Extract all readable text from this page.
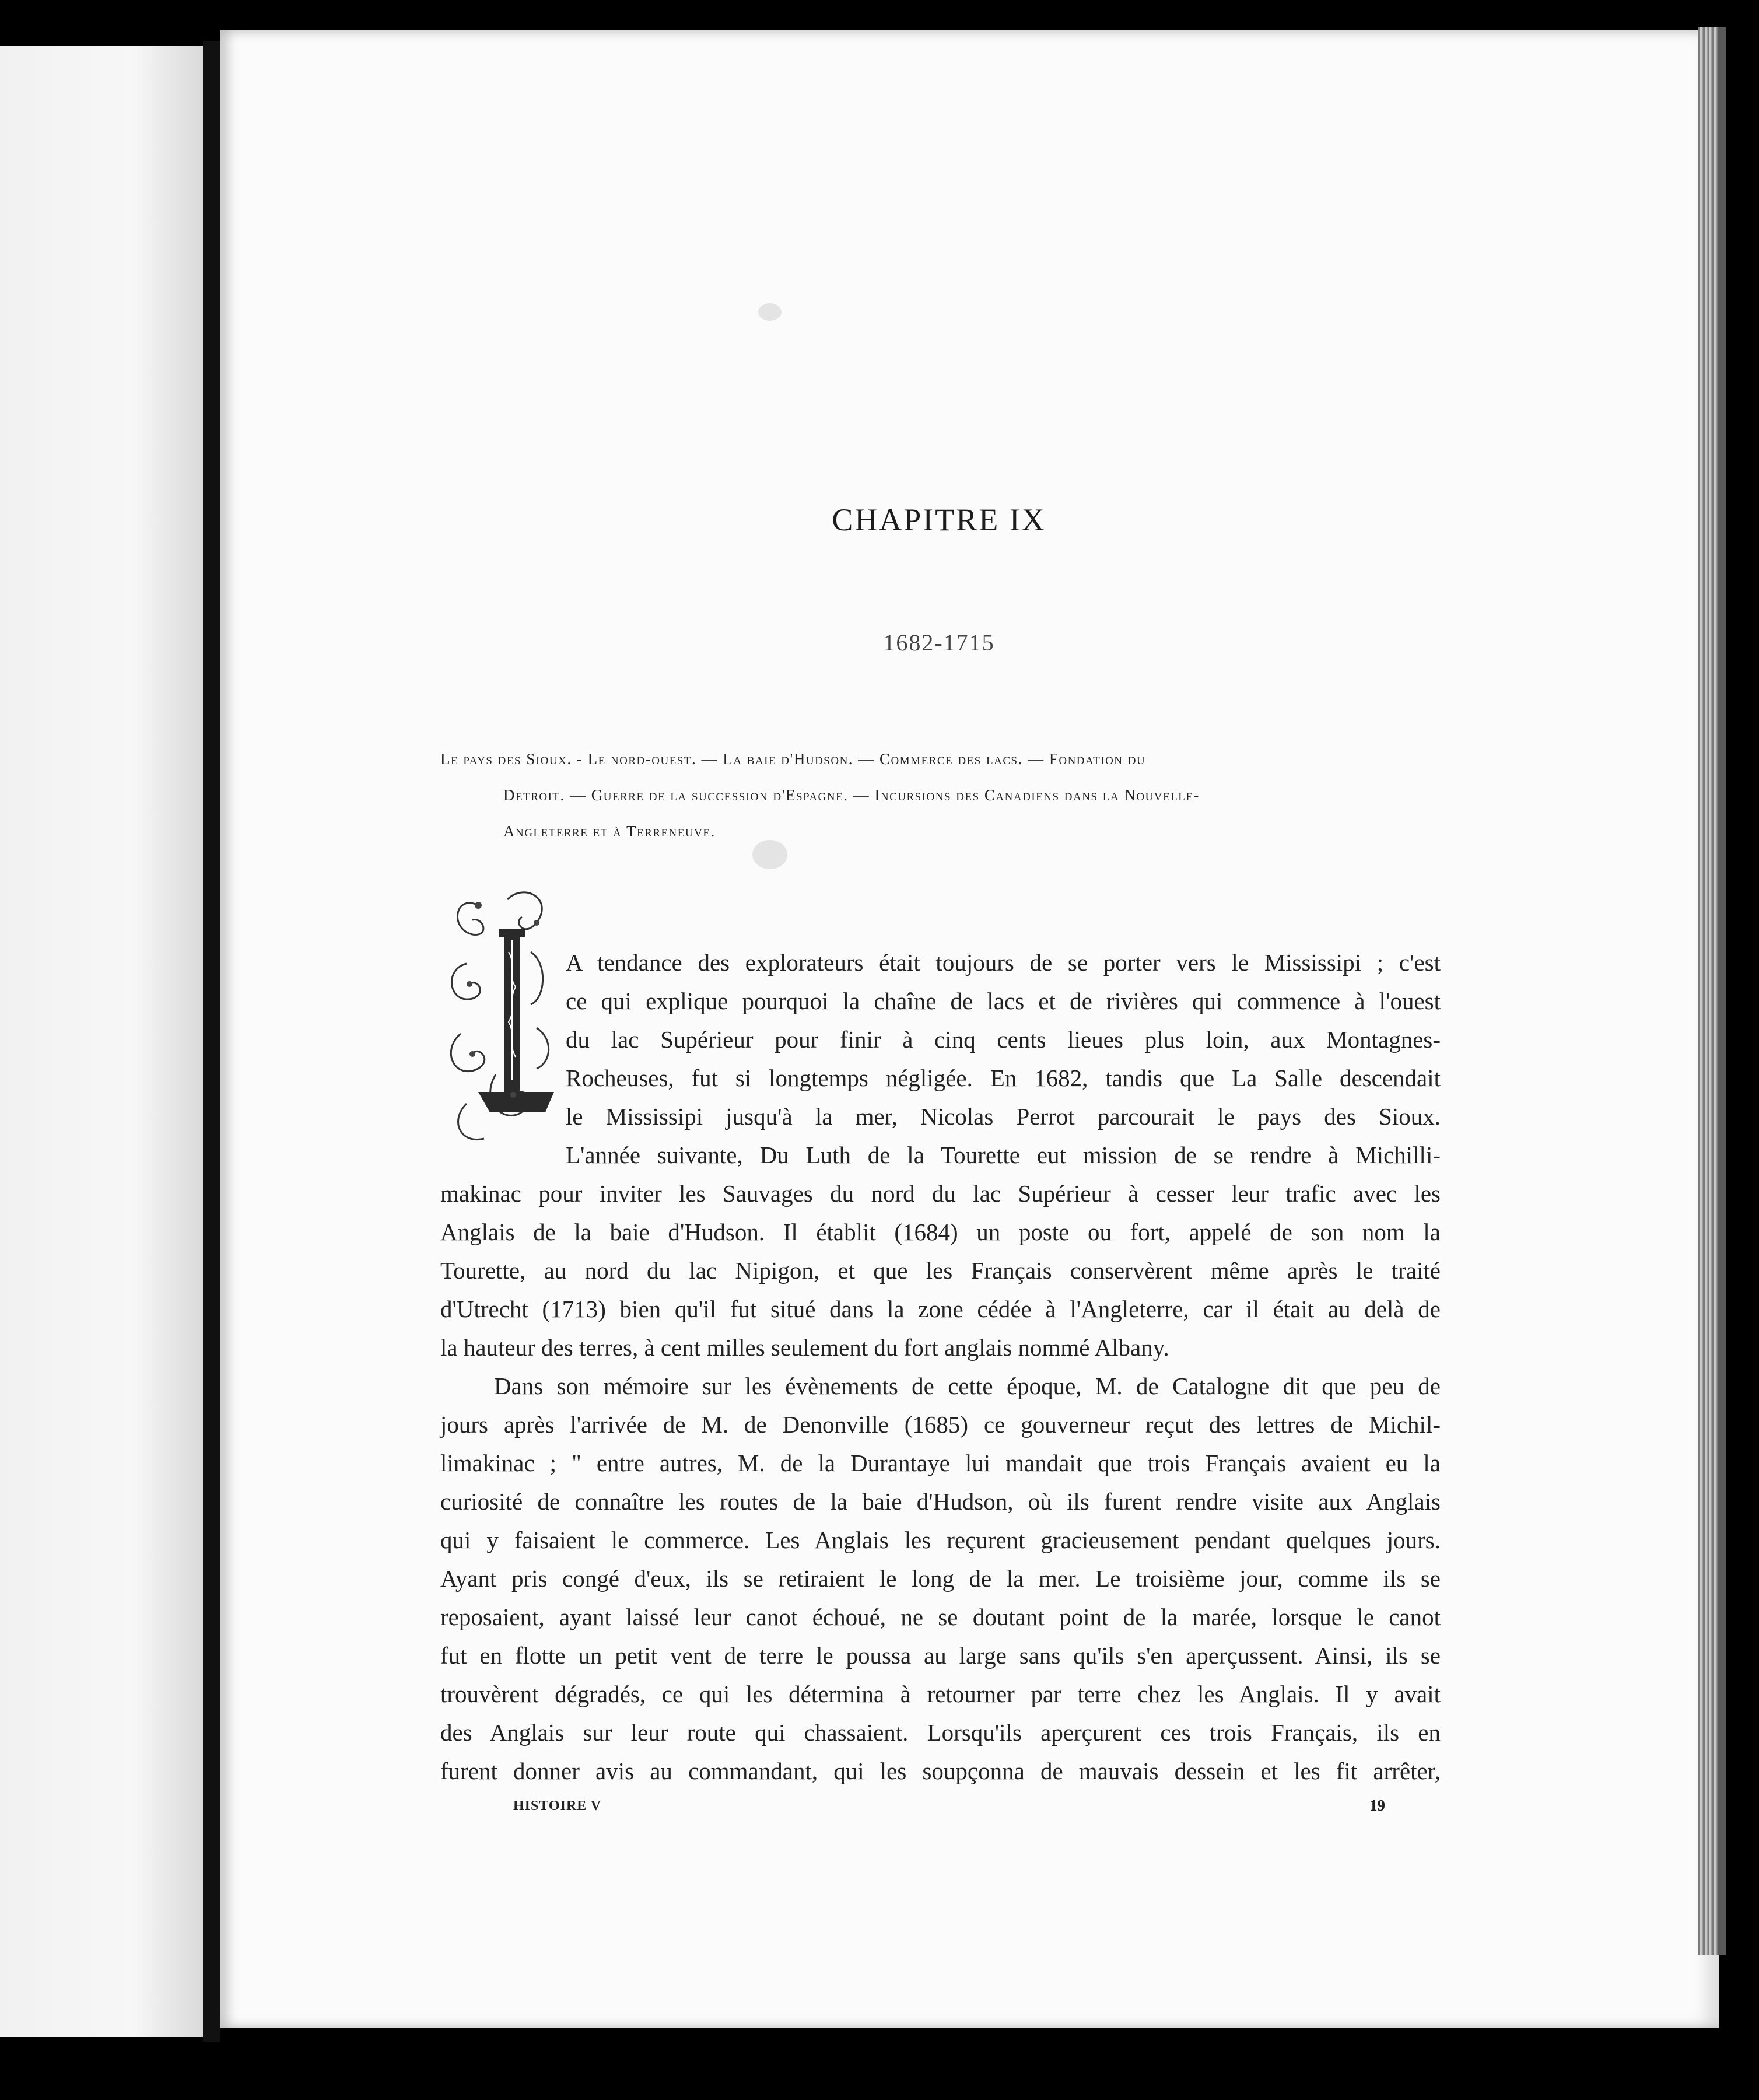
CHAPITRE IX
1682-1715
Le pays des Sioux. - Le nord-ouest. — La baie d'Hudson. — Commerce des lacs. — Fondation du
Detroit. — Guerre de la succession d'Espagne. — Incursions des Canadiens dans la Nouvelle-
Angleterre et à Terreneuve.
A tendance des explorateurs était toujours de se porter vers le Mississipi ; c'est
ce qui explique pourquoi la chaîne de lacs et de rivières qui commence à l'ouest
du lac Supérieur pour finir à cinq cents lieues plus loin, aux Montagnes-
Rocheuses, fut si longtemps négligée. En 1682, tandis que La Salle descendait
le Mississipi jusqu'à la mer, Nicolas Perrot parcourait le pays des Sioux.
L'année suivante, Du Luth de la Tourette eut mission de se rendre à Michilli-
makinac pour inviter les Sauvages du nord du lac Supérieur à cesser leur trafic avec les
Anglais de la baie d'Hudson. Il établit (1684) un poste ou fort, appelé de son nom la
Tourette, au nord du lac Nipigon, et que les Français conservèrent même après le traité
d'Utrecht (1713) bien qu'il fut situé dans la zone cédée à l'Angleterre, car il était au delà de
la hauteur des terres, à cent milles seulement du fort anglais nommé Albany.
Dans son mémoire sur les évènements de cette époque, M. de Catalogne dit que peu de
jours après l'arrivée de M. de Denonville (1685) ce gouverneur reçut des lettres de Michil-
limakinac ; " entre autres, M. de la Durantaye lui mandait que trois Français avaient eu la
curiosité de connaître les routes de la baie d'Hudson, où ils furent rendre visite aux Anglais
qui y faisaient le commerce. Les Anglais les reçurent gracieusement pendant quelques jours.
Ayant pris congé d'eux, ils se retiraient le long de la mer. Le troisième jour, comme ils se
reposaient, ayant laissé leur canot échoué, ne se doutant point de la marée, lorsque le canot
fut en flotte un petit vent de terre le poussa au large sans qu'ils s'en aperçussent. Ainsi, ils se
trouvèrent dégradés, ce qui les détermina à retourner par terre chez les Anglais. Il y avait
des Anglais sur leur route qui chassaient. Lorsqu'ils aperçurent ces trois Français, ils en
furent donner avis au commandant, qui les soupçonna de mauvais dessein et les fit arrêter,
HISTOIRE V	19
